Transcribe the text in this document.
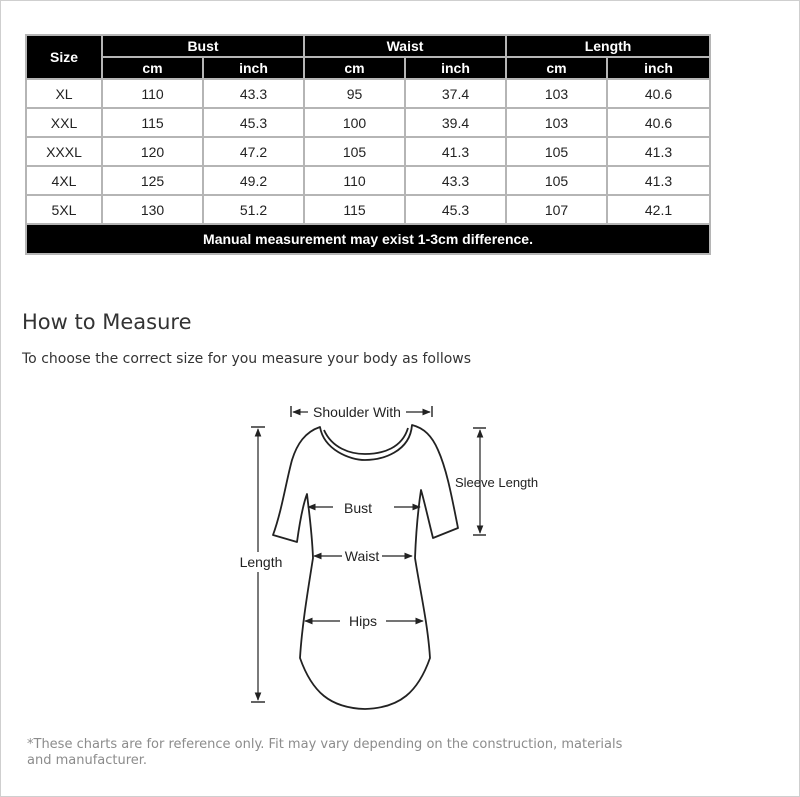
Size	Bust		Waist		Length	
	cm	inch	cm	inch	cm	inch
XL	110	43.3	95	37.4	103	40.6
XXL	115	45.3	100	39.4	103	40.6
XXXL	120	47.2	105	41.3	105	41.3
4XL	125	49.2	110	43.3	105	41.3
5XL	130	51.2	115	45.3	107	42.1
Manual measurement may exist 1-3cm difference.						
How to Measure
To choose the correct size for you measure your body as follows
Shoulder With
Sleeve Length
Length
Bust
Waist
Hips
*These charts are for reference only. Fit may vary depending on the construction, materials and manufacturer.
